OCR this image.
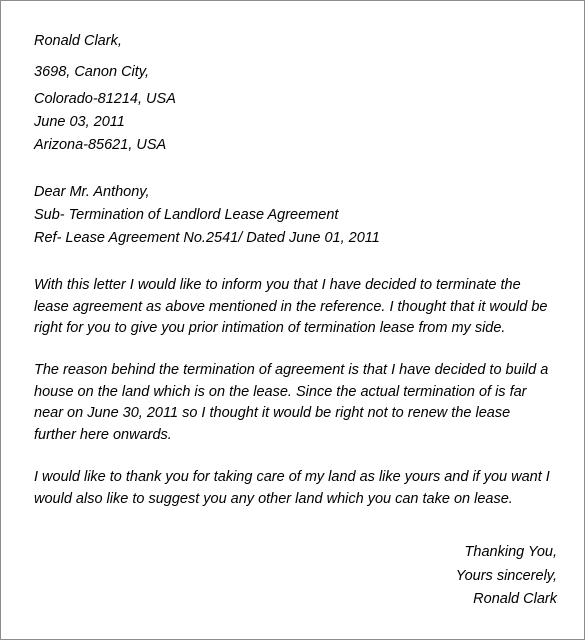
Ronald Clark,
3698, Canon City,
Colorado-81214, USA
June 03, 2011
Arizona-85621, USA
Dear Mr. Anthony,
Sub- Termination of Landlord Lease Agreement
Ref- Lease Agreement No.2541/ Dated June 01, 2011
With this letter I would like to inform you that I have decided to terminate the
lease agreement as above mentioned in the reference. I thought that it would be
right for you to give you prior intimation of termination lease from my side.
The reason behind the termination of agreement is that I have decided to build a
house on the land which is on the lease. Since the actual termination of is far
near on June 30, 2011 so I thought it would be right not to renew the lease
further here onwards.
I would like to thank you for taking care of my land as like yours and if you want I
would also like to suggest you any other land which you can take on lease.
Thanking You,
Yours sincerely,
Ronald Clark
